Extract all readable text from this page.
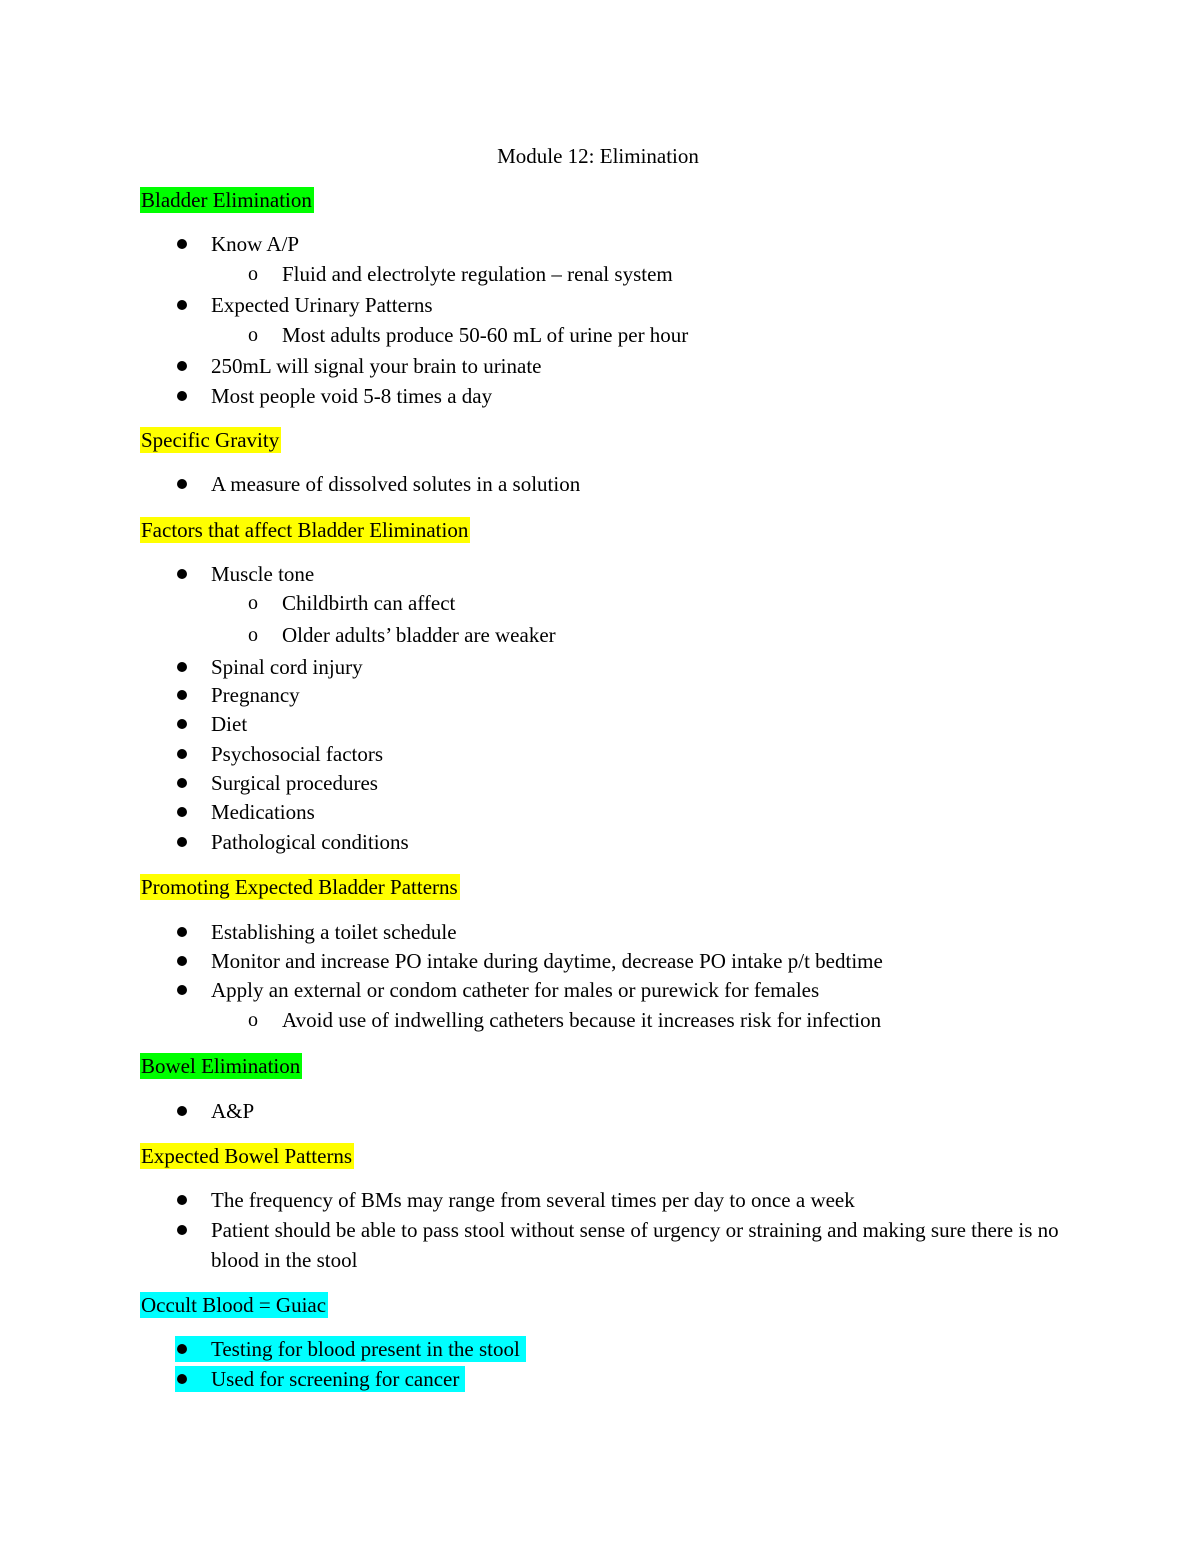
Module 12: Elimination
Bladder Elimination
Know A/P
o Fluid and electrolyte regulation – renal system
Expected Urinary Patterns
o Most adults produce 50-60 mL of urine per hour
250mL will signal your brain to urinate
Most people void 5-8 times a day
Specific Gravity
A measure of dissolved solutes in a solution
Factors that affect Bladder Elimination
Muscle tone
o Childbirth can affect
o Older adults’ bladder are weaker
Spinal cord injury
Pregnancy
Diet
Psychosocial factors
Surgical procedures
Medications
Pathological conditions
Promoting Expected Bladder Patterns
Establishing a toilet schedule
Monitor and increase PO intake during daytime, decrease PO intake p/t bedtime
Apply an external or condom catheter for males or purewick for females
o Avoid use of indwelling catheters because it increases risk for infection
Bowel Elimination
A&P
Expected Bowel Patterns
The frequency of BMs may range from several times per day to once a week
Patient should be able to pass stool without sense of urgency or straining and making sure there is no blood in the stool
Occult Blood = Guiac
Testing for blood present in the stool
Used for screening for cancer
